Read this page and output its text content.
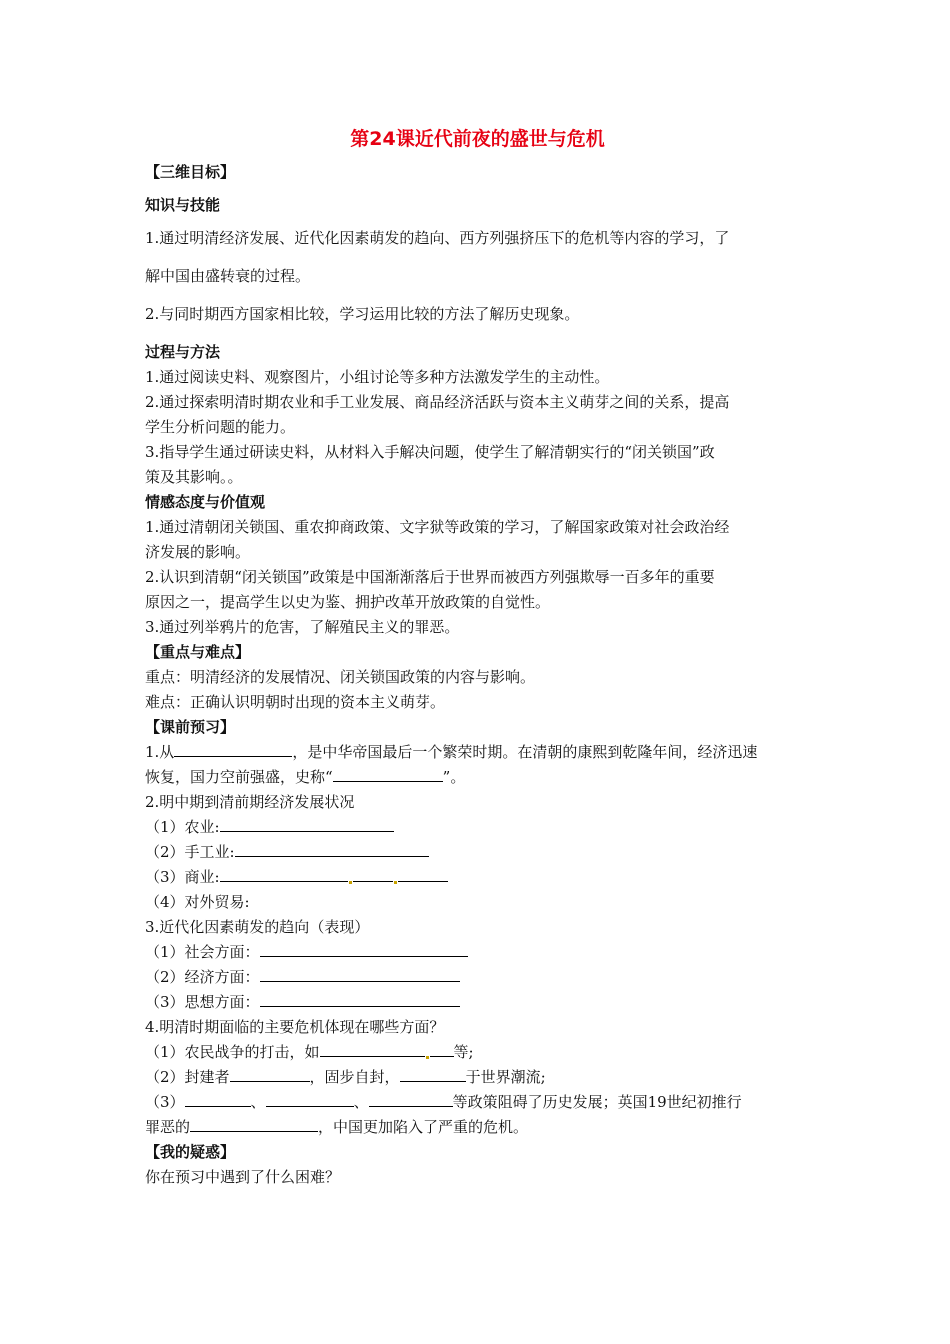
第24课近代前夜的盛世与危机

【三维目标】

知识与技能

1.通过明清经济发展、近代化因素萌发的趋向、西方列强挤压下的危机等内容的学习，了

解中国由盛转衰的过程。

2.与同时期西方国家相比较，学习运用比较的方法了解历史现象。

过程与方法

1.通过阅读史料、观察图片，小组讨论等多种方法激发学生的主动性。

2.通过探索明清时期农业和手工业发展、商品经济活跃与资本主义萌芽之间的关系，提高

学生分析问题的能力。

3.指导学生通过研读史料，从材料入手解决问题，使学生了解清朝实行的“闭关锁国”政

策及其影响。。

情感态度与价值观

1.通过清朝闭关锁国、重农抑商政策、文字狱等政策的学习，了解国家政策对社会政治经

济发展的影响。

2.认识到清朝“闭关锁国”政策是中国渐渐落后于世界而被西方列强欺辱一百多年的重要

原因之一，提高学生以史为鉴、拥护改革开放政策的自觉性。

3.通过列举鸦片的危害，了解殖民主义的罪恶。

【重点与难点】

重点：明清经济的发展情况、闭关锁国政策的内容与影响。

难点：正确认识明朝时出现的资本主义萌芽。

【课前预习】

1.从	，是中华帝国最后一个繁荣时期。在清朝的康熙到乾隆年间，经济迅速

恢复，国力空前强盛，史称“	”。

2.明中期到清前期经济发展状况

（1）农业:

（2）手工业:

（3）商业:

（4）对外贸易:

3.近代化因素萌发的趋向（表现）

（1）社会方面：

（2）经济方面：

（3）思想方面：

4.明清时期面临的主要危机体现在哪些方面？

（1）农民战争的打击，如	等;

（2）封建者	，固步自封，	于世界潮流;

（3）	、	、	等政策阻碍了历史发展；英国19世纪初推行

罪恶的	，中国更加陷入了严重的危机。

【我的疑惑】

你在预习中遇到了什么困难？
